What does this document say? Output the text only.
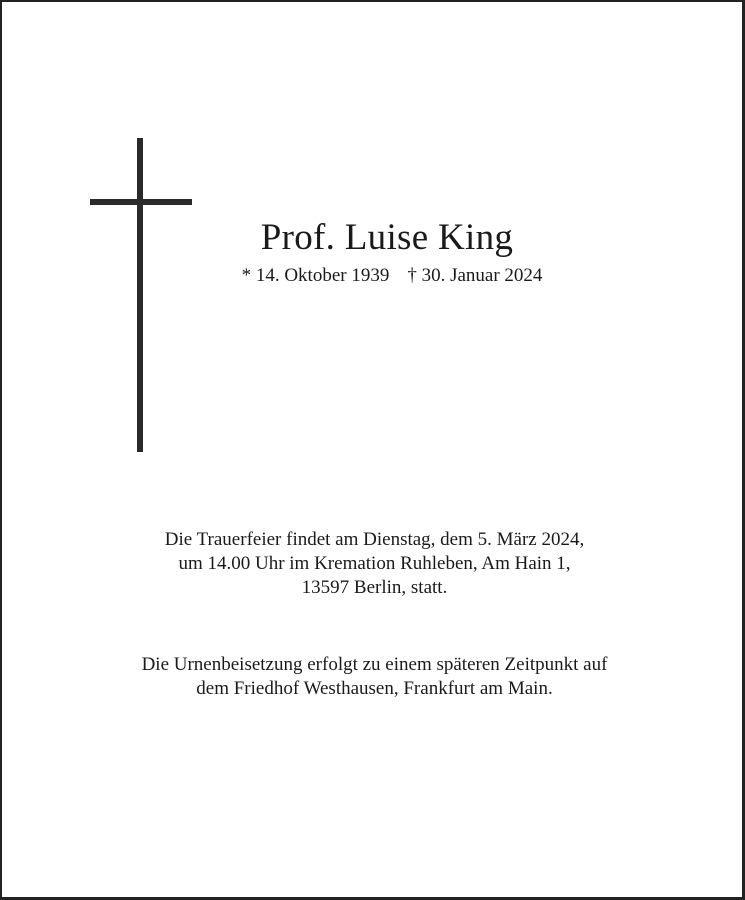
Prof. Luise King
* 14. Oktober 1939 † 30. Januar 2024
Die Trauerfeier findet am Dienstag, dem 5. März 2024,
um 14.00 Uhr im Kremation Ruhleben, Am Hain 1,
13597 Berlin, statt.
Die Urnenbeisetzung erfolgt zu einem späteren Zeitpunkt auf
dem Friedhof Westhausen, Frankfurt am Main.
